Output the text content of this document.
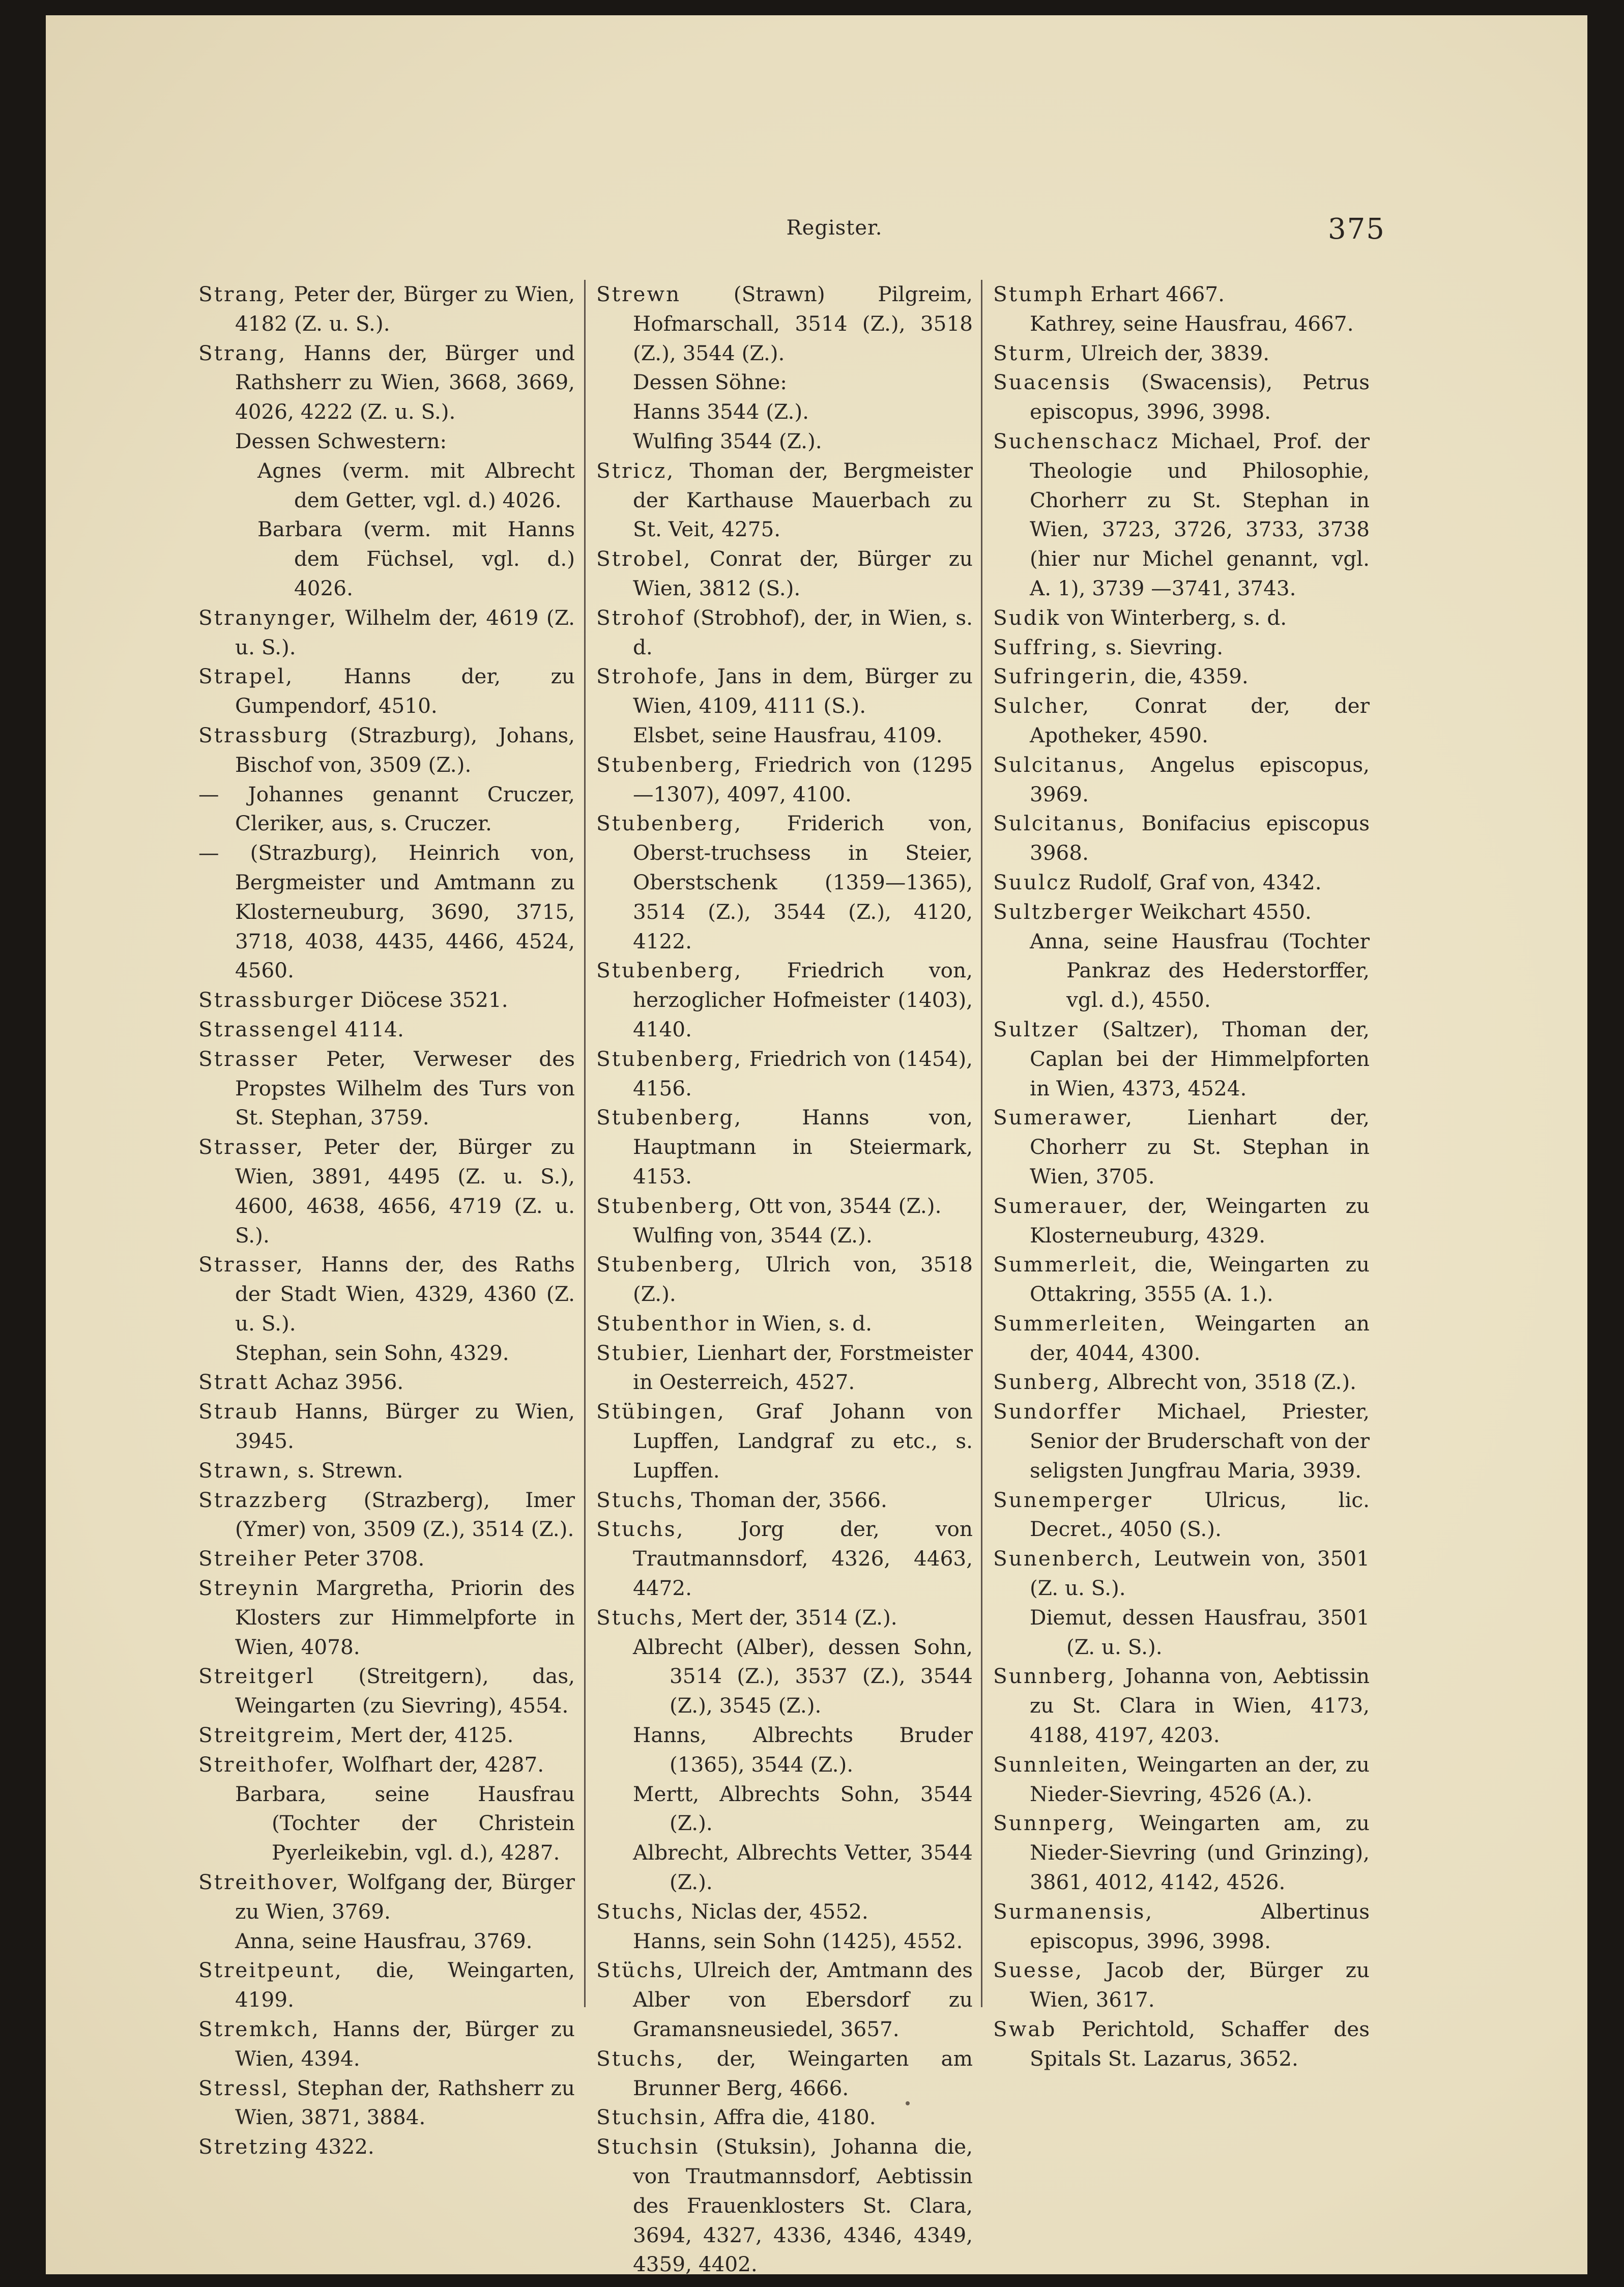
Register.	375
Strang, Peter der, Bürger zu Wien, 4182 (Z. u. S.).
Strang, Hanns der, Bürger und Rathsherr zu Wien, 3668, 3669, 4026, 4222 (Z. u. S.).
Dessen Schwestern:
Agnes (verm. mit Albrecht dem Getter, vgl. d.) 4026.
Barbara (verm. mit Hanns dem Füchsel, vgl. d.) 4026.
Stranynger, Wilhelm der, 4619 (Z. u. S.).
Strapel, Hanns der, zu Gumpendorf, 4510.
Strassburg (Strazburg), Johans, Bischof von, 3509 (Z.).
— Johannes genannt Cruczer, Cleriker, aus, s. Cruczer.
— (Strazburg), Heinrich von, Bergmeister und Amtmann zu Klosterneuburg, 3690, 3715, 3718, 4038, 4435, 4466, 4524, 4560.
Strassburger Diöcese 3521.
Strassengel 4114.
Strasser Peter, Verweser des Propstes Wilhelm des Turs von St. Stephan, 3759.
Strasser, Peter der, Bürger zu Wien, 3891, 4495 (Z. u. S.), 4600, 4638, 4656, 4719 (Z. u. S.).
Strasser, Hanns der, des Raths der Stadt Wien, 4329, 4360 (Z. u. S.).
Stephan, sein Sohn, 4329.
Stratt Achaz 3956.
Straub Hanns, Bürger zu Wien, 3945.
Strawn, s. Strewn.
Strazzberg (Strazberg), Imer (Ymer) von, 3509 (Z.), 3514 (Z.).
Streiher Peter 3708.
Streynin Margretha, Priorin des Klosters zur Himmelpforte in Wien, 4078.
Streitgerl (Streitgern), das, Weingarten (zu Sievring), 4554.
Streitgreim, Mert der, 4125.
Streithofer, Wolfhart der, 4287.
Barbara, seine Hausfrau (Tochter der Christein Pyerleikebin, vgl. d.), 4287.
Streithover, Wolfgang der, Bürger zu Wien, 3769.
Anna, seine Hausfrau, 3769.
Streitpeunt, die, Weingarten, 4199.
Stremkch, Hanns der, Bürger zu Wien, 4394.
Stressl, Stephan der, Rathsherr zu Wien, 3871, 3884.
Stretzing 4322.
Strewn (Strawn) Pilgreim, Hofmarschall, 3514 (Z.), 3518 (Z.), 3544 (Z.).
Dessen Söhne:
Hanns 3544 (Z.).
Wulfing 3544 (Z.).
Stricz, Thoman der, Bergmeister der Karthause Mauerbach zu St. Veit, 4275.
Strobel, Conrat der, Bürger zu Wien, 3812 (S.).
Strohof (Strobhof), der, in Wien, s. d.
Strohofe, Jans in dem, Bürger zu Wien, 4109, 4111 (S.).
Elsbet, seine Hausfrau, 4109.
Stubenberg, Friedrich von (1295—1307), 4097, 4100.
Stubenberg, Friderich von, Oberst-truchsess in Steier, Oberstschenk (1359—1365), 3514 (Z.), 3544 (Z.), 4120, 4122.
Stubenberg, Friedrich von, herzoglicher Hofmeister (1403), 4140.
Stubenberg, Friedrich von (1454), 4156.
Stubenberg, Hanns von, Hauptmann in Steiermark, 4153.
Stubenberg, Ott von, 3544 (Z.).
Wulfing von, 3544 (Z.).
Stubenberg, Ulrich von, 3518 (Z.).
Stubenthor in Wien, s. d.
Stubier, Lienhart der, Forstmeister in Oesterreich, 4527.
Stübingen, Graf Johann von Lupffen, Landgraf zu etc., s. Lupffen.
Stuchs, Thoman der, 3566.
Stuchs, Jorg der, von Trautmannsdorf, 4326, 4463, 4472.
Stuchs, Mert der, 3514 (Z.).
Albrecht (Alber), dessen Sohn, 3514 (Z.), 3537 (Z.), 3544 (Z.), 3545 (Z.).
Hanns, Albrechts Bruder (1365), 3544 (Z.).
Mertt, Albrechts Sohn, 3544 (Z.).
Albrecht, Albrechts Vetter, 3544 (Z.).
Stuchs, Niclas der, 4552.
Hanns, sein Sohn (1425), 4552.
Stüchs, Ulreich der, Amtmann des Alber von Ebersdorf zu Gramansneusiedel, 3657.
Stuchs, der, Weingarten am Brunner Berg, 4666.
Stuchsin, Affra die, 4180.
Stuchsin (Stuksin), Johanna die, von Trautmannsdorf, Aebtissin des Frauenklosters St. Clara, 3694, 4327, 4336, 4346, 4349, 4359, 4402.
Stumph Erhart 4667.
Kathrey, seine Hausfrau, 4667.
Sturm, Ulreich der, 3839.
Suacensis (Swacensis), Petrus episcopus, 3996, 3998.
Suchenschacz Michael, Prof. der Theologie und Philosophie, Chorherr zu St. Stephan in Wien, 3723, 3726, 3733, 3738 (hier nur Michel genannt, vgl. A. 1), 3739 —3741, 3743.
Sudik von Winterberg, s. d.
Suffring, s. Sievring.
Sufringerin, die, 4359.
Sulcher, Conrat der, der Apotheker, 4590.
Sulcitanus, Angelus episcopus, 3969.
Sulcitanus, Bonifacius episcopus 3968.
Suulcz Rudolf, Graf von, 4342.
Sultzberger Weikchart 4550.
Anna, seine Hausfrau (Tochter Pankraz des Hederstorffer, vgl. d.), 4550.
Sultzer (Saltzer), Thoman der, Caplan bei der Himmelpforten in Wien, 4373, 4524.
Sumerawer, Lienhart der, Chorherr zu St. Stephan in Wien, 3705.
Sumerauer, der, Weingarten zu Klosterneuburg, 4329.
Summerleit, die, Weingarten zu Ottakring, 3555 (A. 1.).
Summerleiten, Weingarten an der, 4044, 4300.
Sunberg, Albrecht von, 3518 (Z.).
Sundorffer Michael, Priester, Senior der Bruderschaft von der seligsten Jungfrau Maria, 3939.
Sunemperger Ulricus, lic. Decret., 4050 (S.).
Sunenberch, Leutwein von, 3501 (Z. u. S.).
Diemut, dessen Hausfrau, 3501 (Z. u. S.).
Sunnberg, Johanna von, Aebtissin zu St. Clara in Wien, 4173, 4188, 4197, 4203.
Sunnleiten, Weingarten an der, zu Nieder-Sievring, 4526 (A.).
Sunnperg, Weingarten am, zu Nieder-Sievring (und Grinzing), 3861, 4012, 4142, 4526.
Surmanensis, Albertinus episcopus, 3996, 3998.
Suesse, Jacob der, Bürger zu Wien, 3617.
Swab Perichtold, Schaffer des Spitals St. Lazarus, 3652.
